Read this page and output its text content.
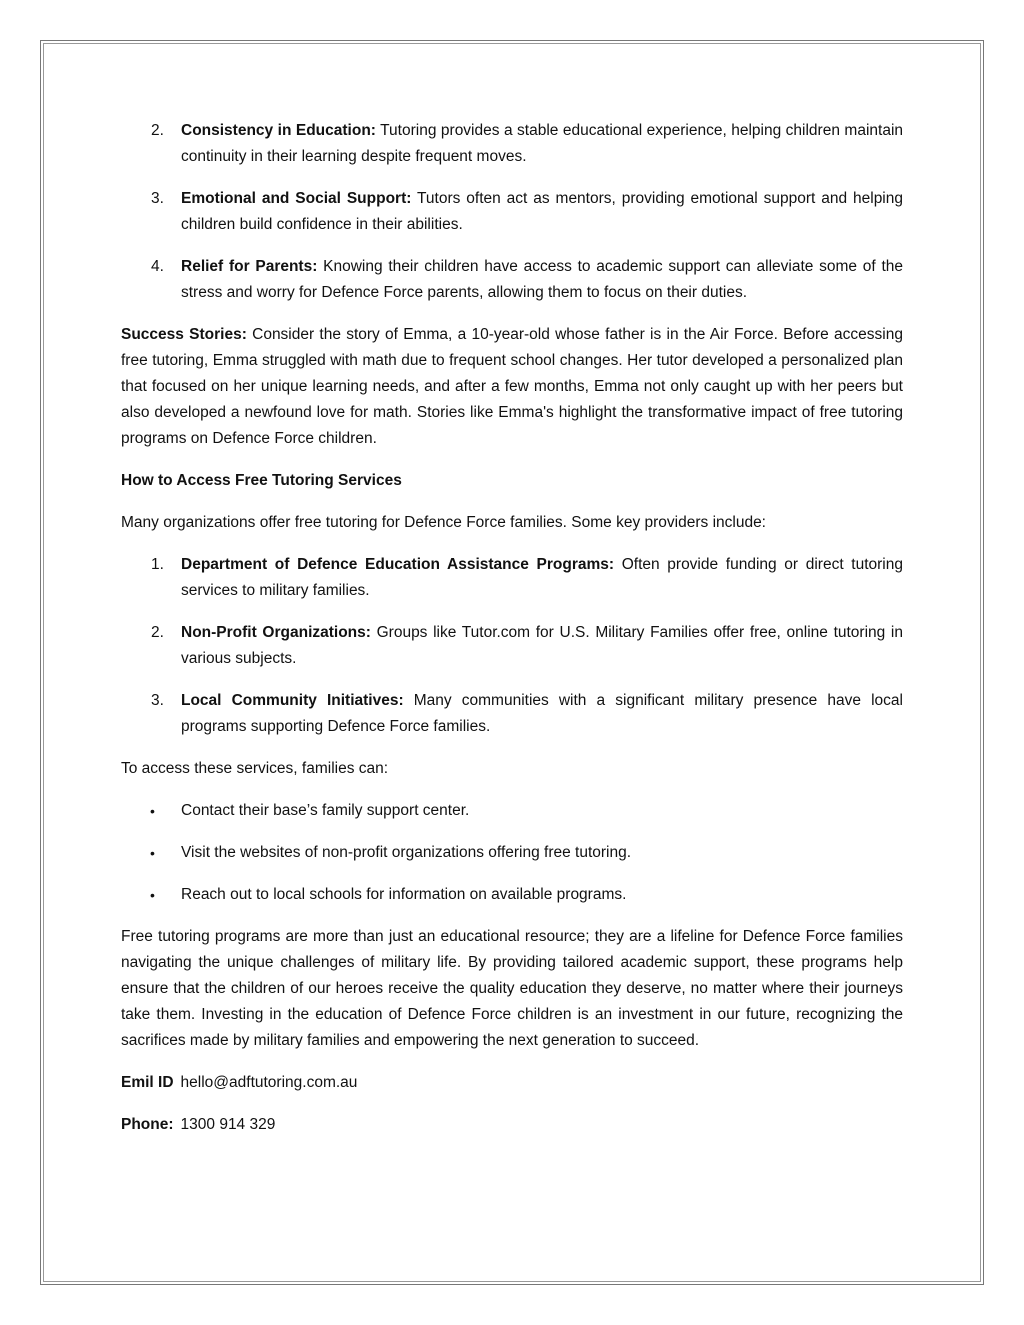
2.	Consistency in Education: Tutoring provides a stable educational experience, helping children maintain continuity in their learning despite frequent moves.
3.	Emotional and Social Support: Tutors often act as mentors, providing emotional support and helping children build confidence in their abilities.
4.	Relief for Parents: Knowing their children have access to academic support can alleviate some of the stress and worry for Defence Force parents, allowing them to focus on their duties.

Success Stories: Consider the story of Emma, a 10-year-old whose father is in the Air Force. Before accessing free tutoring, Emma struggled with math due to frequent school changes. Her tutor developed a personalized plan that focused on her unique learning needs, and after a few months, Emma not only caught up with her peers but also developed a newfound love for math. Stories like Emma's highlight the transformative impact of free tutoring programs on Defence Force children.

How to Access Free Tutoring Services

Many organizations offer free tutoring for Defence Force families. Some key providers include:

1.	Department of Defence Education Assistance Programs: Often provide funding or direct tutoring services to military families.
2.	Non-Profit Organizations: Groups like Tutor.com for U.S. Military Families offer free, online tutoring in various subjects.
3.	Local Community Initiatives: Many communities with a significant military presence have local programs supporting Defence Force families.

To access these services, families can:

•	Contact their base’s family support center.
•	Visit the websites of non-profit organizations offering free tutoring.
•	Reach out to local schools for information on available programs.

Free tutoring programs are more than just an educational resource; they are a lifeline for Defence Force families navigating the unique challenges of military life. By providing tailored academic support, these programs help ensure that the children of our heroes receive the quality education they deserve, no matter where their journeys take them. Investing in the education of Defence Force children is an investment in our future, recognizing the sacrifices made by military families and empowering the next generation to succeed.

Emil ID hello@adftutoring.com.au
Phone: 1300 914 329
